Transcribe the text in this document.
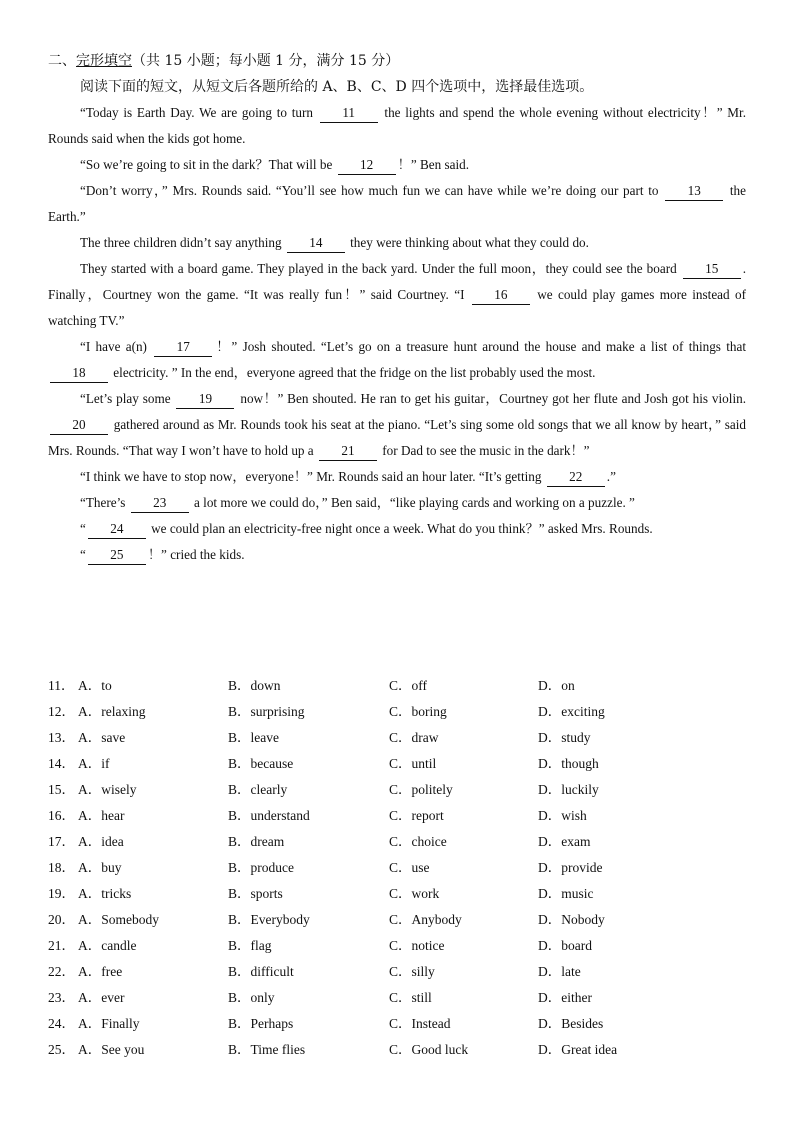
二、完形填空（共 15 小题；每小题 1 分，满分 15 分）
阅读下面的短文，从短文后各题所给的 A、B、C、D 四个选项中，选择最佳选项。
“Today is Earth Day. We are going to turn 11 the lights and spend the whole evening without electricity！” Mr. Rounds said when the kids got home.
“So we’re going to sit in the dark？That will be 12 ！” Ben said.
“Don’t worry，” Mrs. Rounds said. “You’ll see how much fun we can have while we’re doing our part to 13 the Earth.”
The three children didn’t say anything 14 they were thinking about what they could do.
They started with a board game. They played in the back yard. Under the full moon，they could see the board 15 . Finally，Courtney won the game. “It was really fun！” said Courtney. “I 16 we could play games more instead of watching TV.”
“I have a(n) 17 ！” Josh shouted. “Let’s go on a treasure hunt around the house and make a list of things that 18 electricity. ” In the end，everyone agreed that the fridge on the list probably used the most.
“Let’s play some 19 now！” Ben shouted. He ran to get his guitar，Courtney got her flute and Josh got his violin. 20 gathered around as Mr. Rounds took his seat at the piano. “Let’s sing some old songs that we all know by heart，” said Mrs. Rounds. “That way I won’t have to hold up a 21 for Dad to see the music in the dark！”
“I think we have to stop now，everyone！” Mr. Rounds said an hour later. “It’s getting 22 .”
“There’s 23 a lot more we could do，” Ben said，“like playing cards and working on a puzzle. ”
“ 24 we could plan an electricity-free night once a week. What do you think？” asked Mrs. Rounds.
“ 25 ！” cried the kids.
11． A．to	B．down	C．off	D．on
12． A．relaxing	B．surprising	C．boring	D．exciting
13． A．save	B．leave	C．draw	D．study
14． A．if	B．because	C．until	D．though
15． A．wisely	B．clearly	C．politely	D．luckily
16． A．hear	B．understand	C．report	D．wish
17． A．idea	B．dream	C．choice	D．exam
18． A．buy	B．produce	C．use	D．provide
19． A．tricks	B．sports	C．work	D．music
20． A．Somebody	B．Everybody	C．Anybody	D．Nobody
21． A．candle	B．flag	C．notice	D．board
22． A．free	B．difficult	C．silly	D．late
23． A．ever	B．only	C．still	D．either
24． A．Finally	B．Perhaps	C．Instead	D．Besides
25． A．See you	B．Time flies	C．Good luck	D．Great idea
